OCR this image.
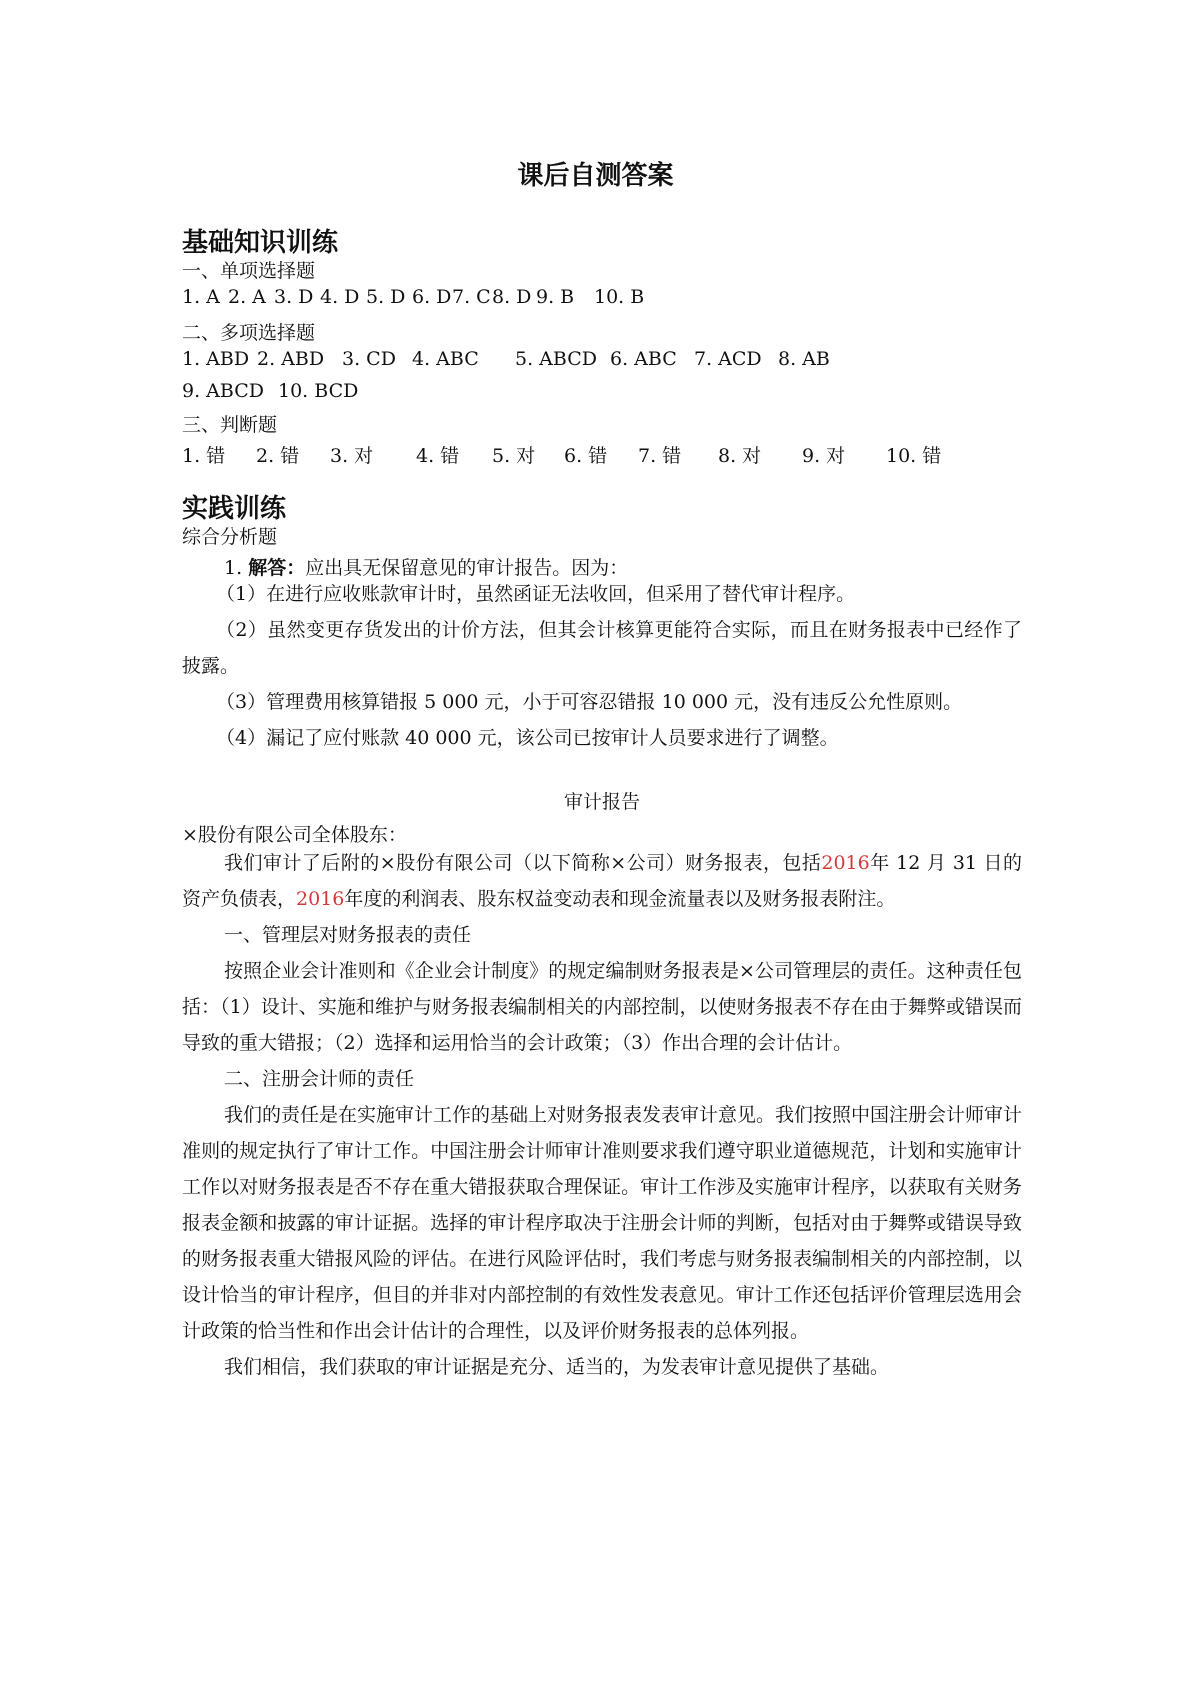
课后自测答案
基础知识训练
一、单项选择题
1. A 2. A 3. D 4. D 5. D 6. D 7. C 8. D 9. B	10. B
二、多项选择题
1. ABD 2. ABD 3. CD 4. ABC	5. ABCD 6. ABC 7. ACD 8. AB
9. ABCD 10. BCD
三、判断题
1. 错	2. 错	3. 对	4. 错	5. 对	6. 错	7. 错	8. 对	9. 对	10. 错
实践训练
综合分析题
1. 解答：应出具无保留意见的审计报告。因为：
（1）在进行应收账款审计时，虽然函证无法收回，但采用了替代审计程序。
（2）虽然变更存货发出的计价方法，但其会计核算更能符合实际，而且在财务报表中已经作了披露。
（3）管理费用核算错报 5 000 元，小于可容忍错报 10 000 元，没有违反公允性原则。
（4）漏记了应付账款 40 000 元，该公司已按审计人员要求进行了调整。
审计报告
×股份有限公司全体股东：
我们审计了后附的×股份有限公司（以下简称×公司）财务报表，包括2016年 12 月 31 日的资产负债表，2016年度的利润表、股东权益变动表和现金流量表以及财务报表附注。
一、管理层对财务报表的责任
按照企业会计准则和《企业会计制度》的规定编制财务报表是×公司管理层的责任。这种责任包括：（1）设计、实施和维护与财务报表编制相关的内部控制，以使财务报表不存在由于舞弊或错误而导致的重大错报；（2）选择和运用恰当的会计政策；（3）作出合理的会计估计。
二、注册会计师的责任
我们的责任是在实施审计工作的基础上对财务报表发表审计意见。我们按照中国注册会计师审计准则的规定执行了审计工作。中国注册会计师审计准则要求我们遵守职业道德规范，计划和实施审计工作以对财务报表是否不存在重大错报获取合理保证。审计工作涉及实施审计程序，以获取有关财务报表金额和披露的审计证据。选择的审计程序取决于注册会计师的判断，包括对由于舞弊或错误导致的财务报表重大错报风险的评估。在进行风险评估时，我们考虑与财务报表编制相关的内部控制，以设计恰当的审计程序，但目的并非对内部控制的有效性发表意见。审计工作还包括评价管理层选用会计政策的恰当性和作出会计估计的合理性，以及评价财务报表的总体列报。
我们相信，我们获取的审计证据是充分、适当的，为发表审计意见提供了基础。
